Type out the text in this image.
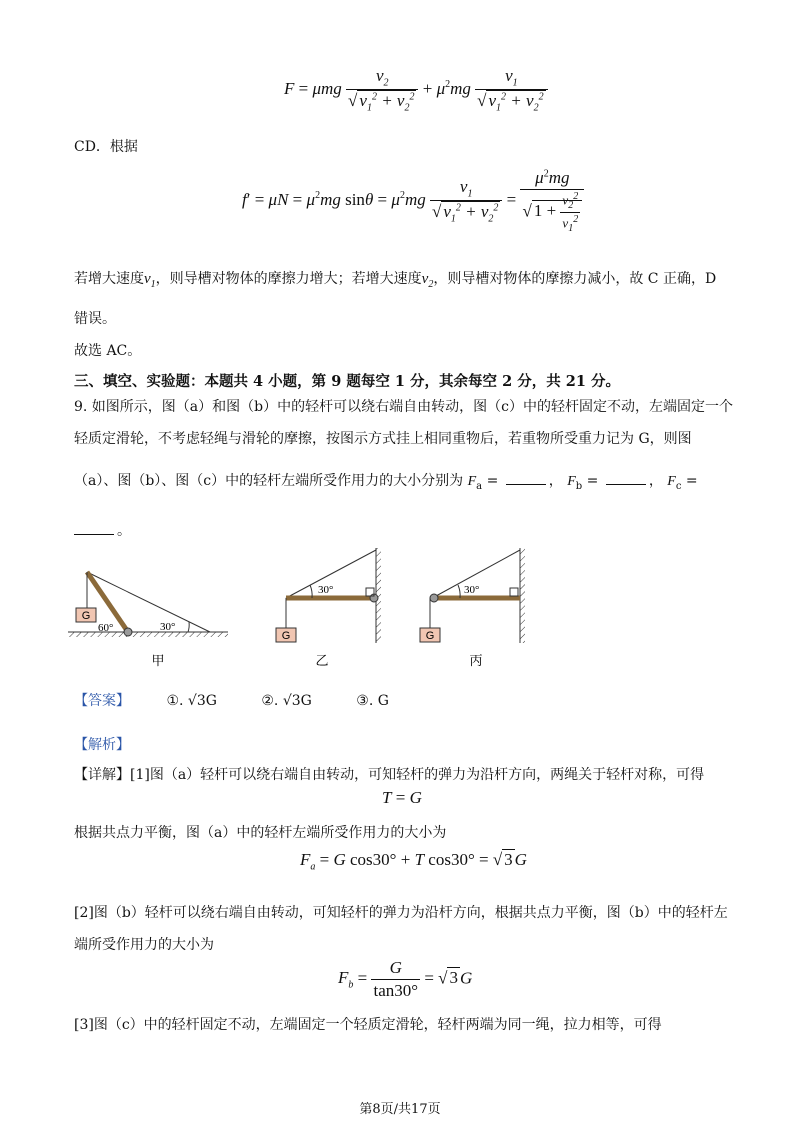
F = μmg $\frac{v_2}{√ v_1^2 + v_2^2} + \mu^2mg \frac{v_1}{√ v_1^2 + v_2^2}$
CD．根据
$f' = \mu N = \mu^2mg$ $\sin\theta = \mu^2mg \frac{v_1}{√ v_1^2 + v_2^2} = \frac{\mu^2mg}{√ 1 + \frac{v_2^2}{v_1^2}}$
若增大速度$v_1$，则导槽对物体的摩擦力增大；若增大速度$v_2$，则导槽对物体的摩擦力减小，故 C 正确，D
错误。
故选 AC。
三、填空、实验题：本题共 4 小题，第 9 题每空 1 分，其余每空 2 分，共 21 分。
9. 如图所示，图（a）和图（b）中的轻杆可以绕右端自由转动，图（c）中的轻杆固定不动，左端固定一个
轻质定滑轮，不考虑轻绳与滑轮的摩擦，按图示方式挂上相同重物后，若重物所受重力记为 G，则图
（a）、图（b）、图（c）中的轻杆左端所受作用力的大小分别为 $F_a$ =	， $F_b$ =	， $F_c$ =
。
G
60°	30°
甲
G
30°
乙
G
30°
丙
【答案】	①. √3G	②. √3G	③. G
【解析】
【详解】[1]图（a）轻杆可以绕右端自由转动，可知轻杆的弹力为沿杆方向，两绳关于轻杆对称，可得
T = G
根据共点力平衡，图（a）中的轻杆左端所受作用力的大小为
$F_a = G$ cos30° + T cos30° = √ 3 G
[2]图（b）轻杆可以绕右端自由转动，可知轻杆的弹力为沿杆方向，根据共点力平衡，图（b）中的轻杆左
端所受作用力的大小为
$F_b = \frac{G}{\tan 30^\circ}$ = √ 3 G
[3]图（c）中的轻杆固定不动，左端固定一个轻质定滑轮，轻杆两端为同一绳，拉力相等，可得
第8页/共17页
